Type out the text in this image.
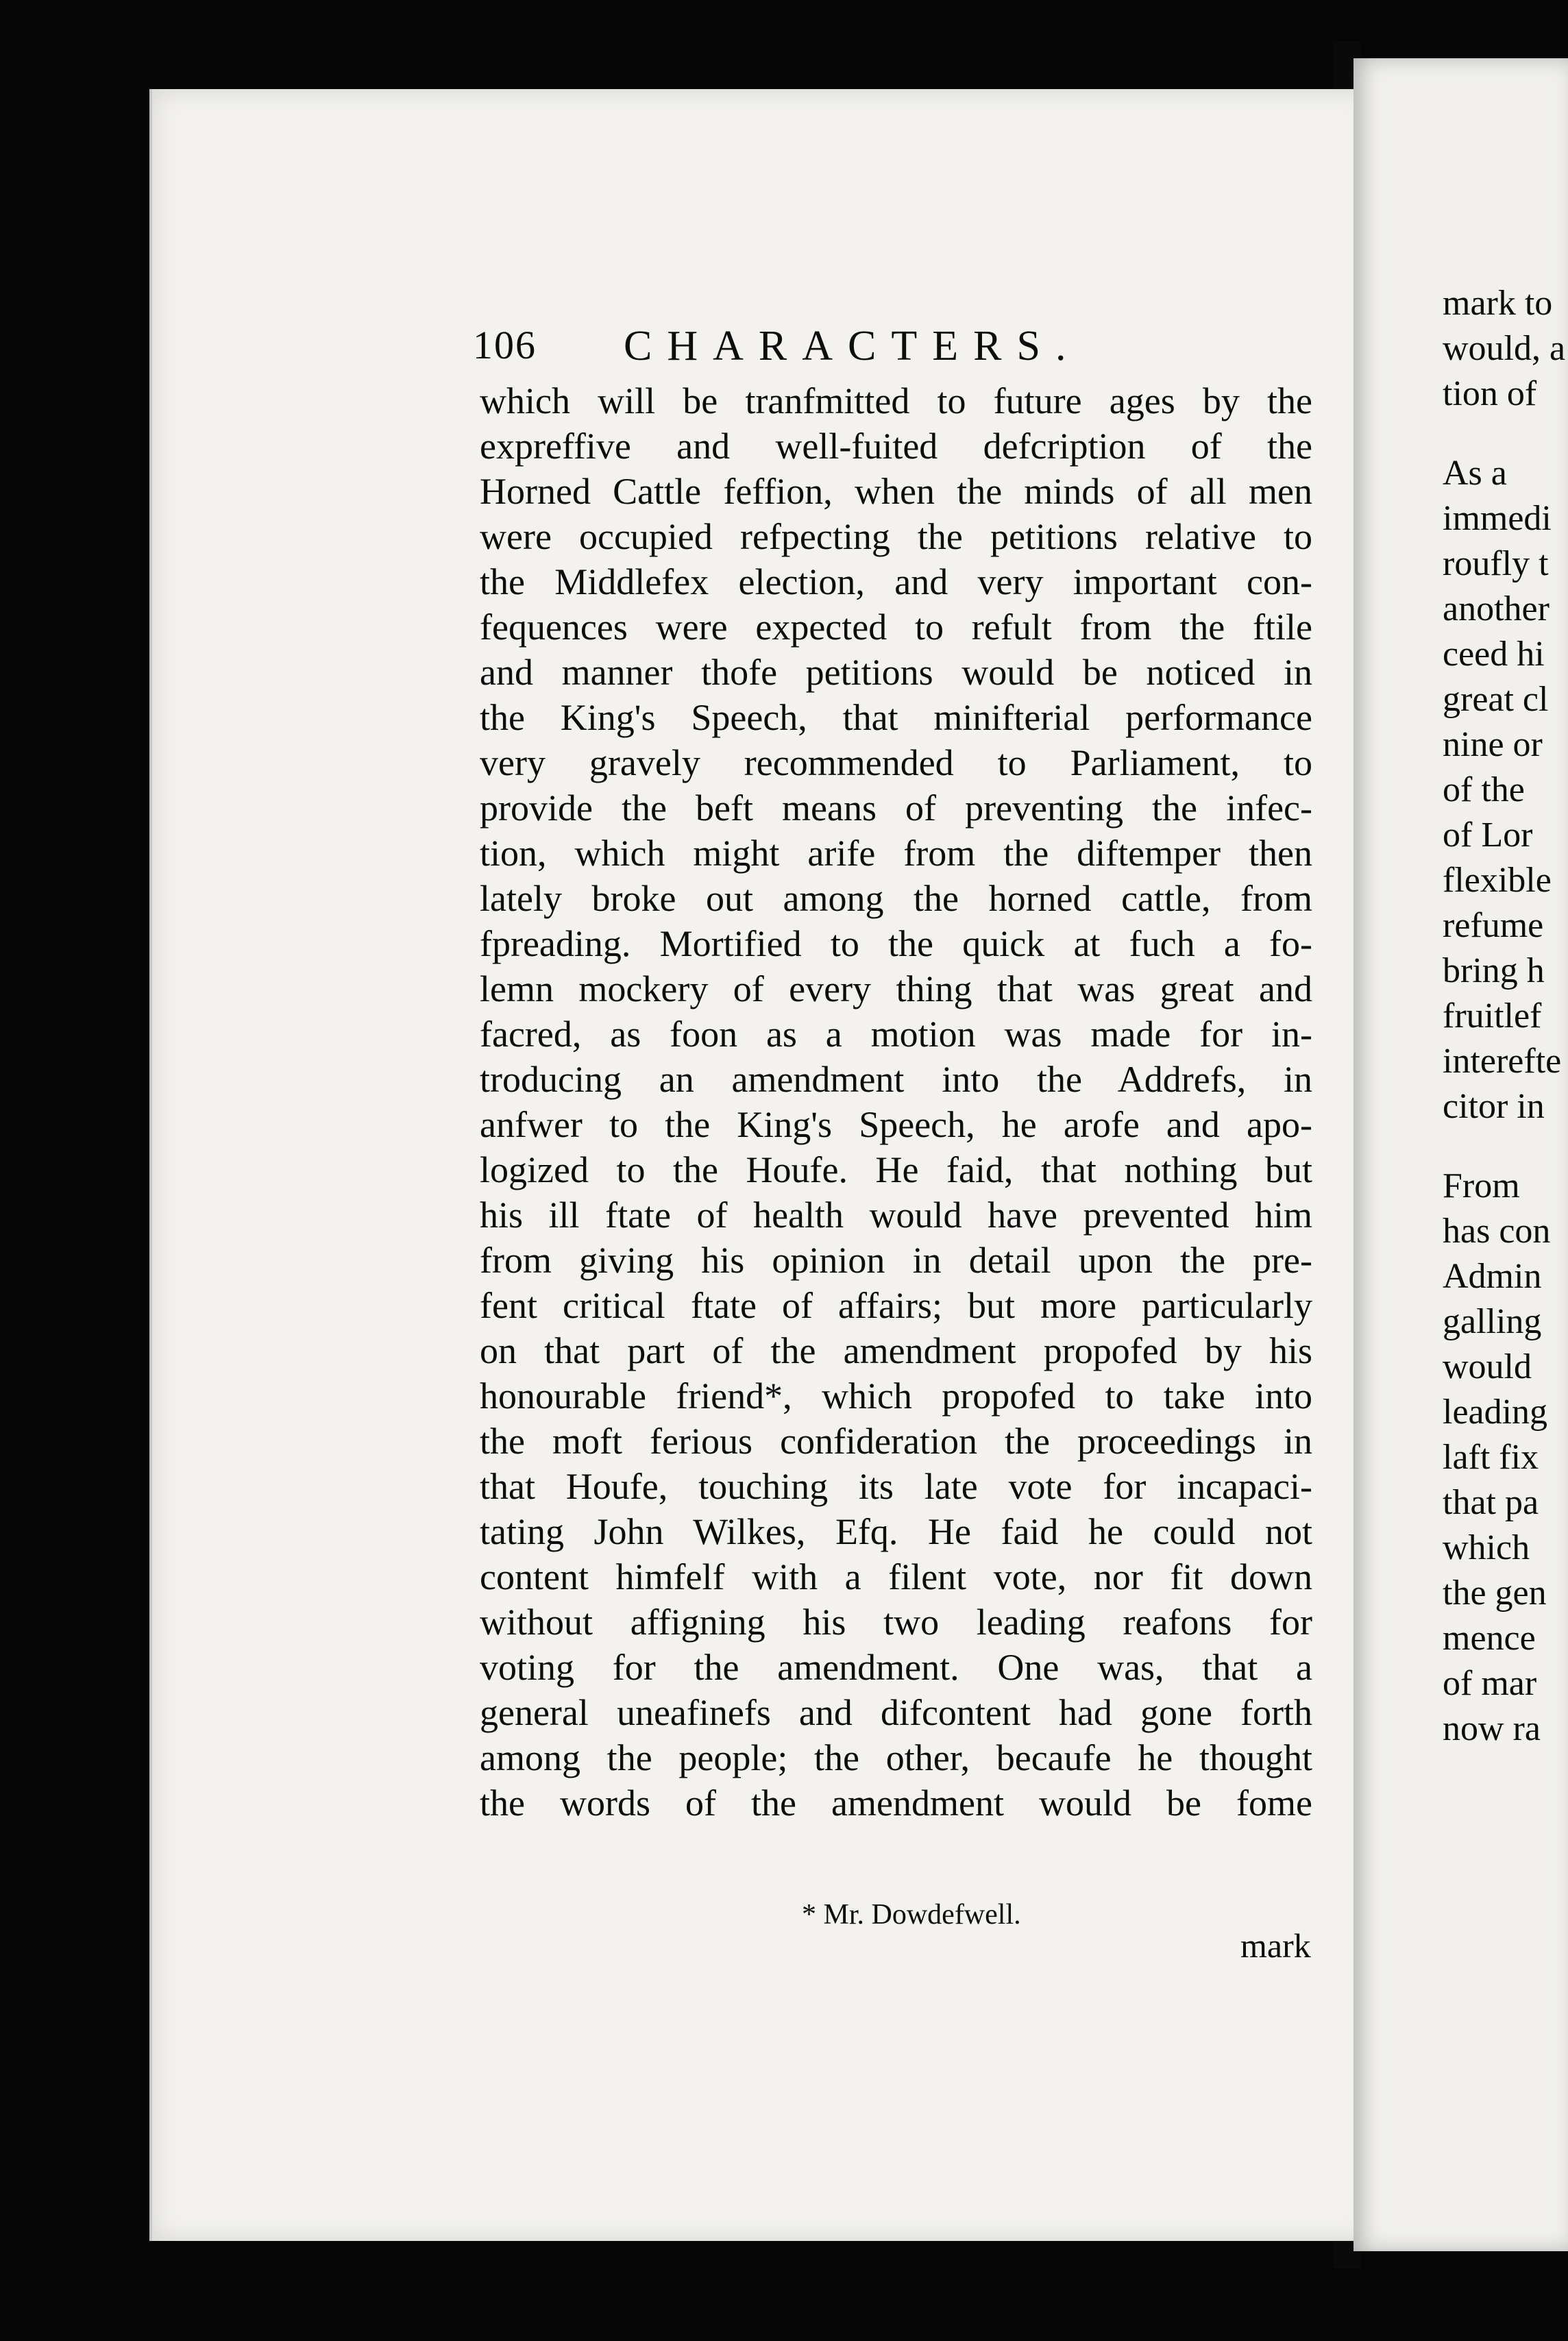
106 CHARACTERS.
which will be tranfmitted to future ages by the
expreffive and well-fuited defcription of the
Horned Cattle feffion, when the minds of all men
were occupied refpecting the petitions relative to
the Middlefex election, and very important con-
fequences were expected to refult from the ftile
and manner thofe petitions would be noticed in
the King's Speech, that minifterial performance
very gravely recommended to Parliament, to
provide the beft means of preventing the infec-
tion, which might arife from the diftemper then
lately broke out among the horned cattle, from
fpreading. Mortified to the quick at fuch a fo-
lemn mockery of every thing that was great and
facred, as foon as a motion was made for in-
troducing an amendment into the Addrefs, in
anfwer to the King's Speech, he arofe and apo-
logized to the Houfe. He faid, that nothing but
his ill ftate of health would have prevented him
from giving his opinion in detail upon the pre-
fent critical ftate of affairs; but more particularly
on that part of the amendment propofed by his
honourable friend*, which propofed to take into
the moft ferious confideration the proceedings in
that Houfe, touching its late vote for incapaci-
tating John Wilkes, Efq. He faid he could not
content himfelf with a filent vote, nor fit down
without affigning his two leading reafons for
voting for the amendment. One was, that a
general uneafinefs and difcontent had gone forth
among the people; the other, becaufe he thought
the words of the amendment would be fome
* Mr. Dowdefwell.
mark
mark to
would, a
tion of
As a
immedi
roufly t
another
ceed hi
great cl
nine or
of the
of Lor
flexible
refume
bring h
fruitlef
interefte
citor in
From
has con
Admin
galling
would
leading
laft fix
that pa
which
the gen
mence
of mar
now ra
